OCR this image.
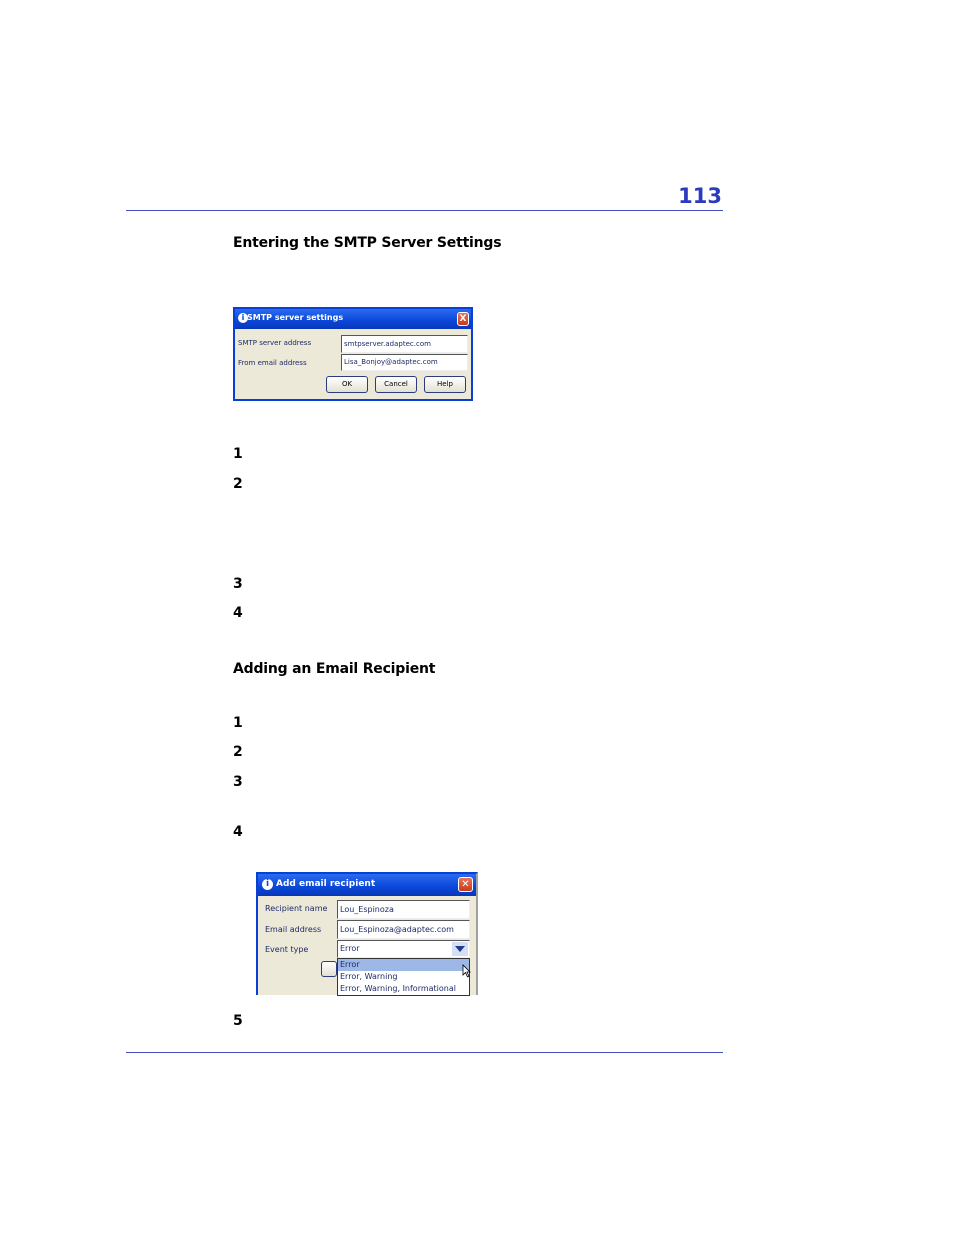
113
Entering the SMTP Server Settings
i SMTP server settings	X
SMTP server address	smtpserver.adaptec.com
From email address	Lisa_Bonjoy@adaptec.com
OK	Cancel	Help
1
2
3
4
Adding an Email Recipient
1
2
3
4
i Add email recipient	✕
Recipient name	Lou_Espinoza
Email address	Lou_Espinoza@adaptec.com
Event type	Error
Error
Error, Warning
Error, Warning, Informational
5
